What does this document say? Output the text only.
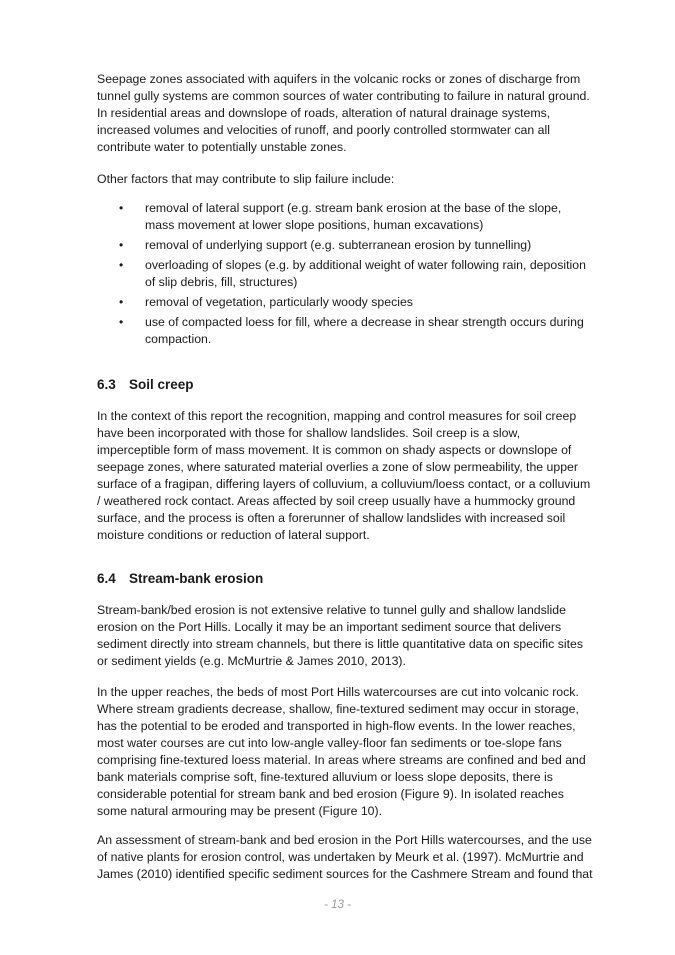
Seepage zones associated with aquifers in the volcanic rocks or zones of discharge from tunnel gully systems are common sources of water contributing to failure in natural ground. In residential areas and downslope of roads, alteration of natural drainage systems, increased volumes and velocities of runoff, and poorly controlled stormwater can all contribute water to potentially unstable zones.

Other factors that may contribute to slip failure include:

• removal of lateral support (e.g. stream bank erosion at the base of the slope, mass movement at lower slope positions, human excavations)
• removal of underlying support (e.g. subterranean erosion by tunnelling)
• overloading of slopes (e.g. by additional weight of water following rain, deposition of slip debris, fill, structures)
• removal of vegetation, particularly woody species
• use of compacted loess for fill, where a decrease in shear strength occurs during compaction.
6.3 Soil creep

In the context of this report the recognition, mapping and control measures for soil creep have been incorporated with those for shallow landslides. Soil creep is a slow, imperceptible form of mass movement. It is common on shady aspects or downslope of seepage zones, where saturated material overlies a zone of slow permeability, the upper surface of a fragipan, differing layers of colluvium, a colluvium/loess contact, or a colluvium / weathered rock contact. Areas affected by soil creep usually have a hummocky ground surface, and the process is often a forerunner of shallow landslides with increased soil moisture conditions or reduction of lateral support.

6.4 Stream-bank erosion

Stream-bank/bed erosion is not extensive relative to tunnel gully and shallow landslide erosion on the Port Hills. Locally it may be an important sediment source that delivers sediment directly into stream channels, but there is little quantitative data on specific sites or sediment yields (e.g. McMurtrie & James 2010, 2013).

In the upper reaches, the beds of most Port Hills watercourses are cut into volcanic rock. Where stream gradients decrease, shallow, fine-textured sediment may occur in storage, has the potential to be eroded and transported in high-flow events. In the lower reaches, most water courses are cut into low-angle valley-floor fan sediments or toe-slope fans comprising fine-textured loess material. In areas where streams are confined and bed and bank materials comprise soft, fine-textured alluvium or loess slope deposits, there is considerable potential for stream bank and bed erosion (Figure 9). In isolated reaches some natural armouring may be present (Figure 10).

An assessment of stream-bank and bed erosion in the Port Hills watercourses, and the use of native plants for erosion control, was undertaken by Meurk et al. (1997). McMurtrie and James (2010) identified specific sediment sources for the Cashmere Stream and found that

- 13 -
